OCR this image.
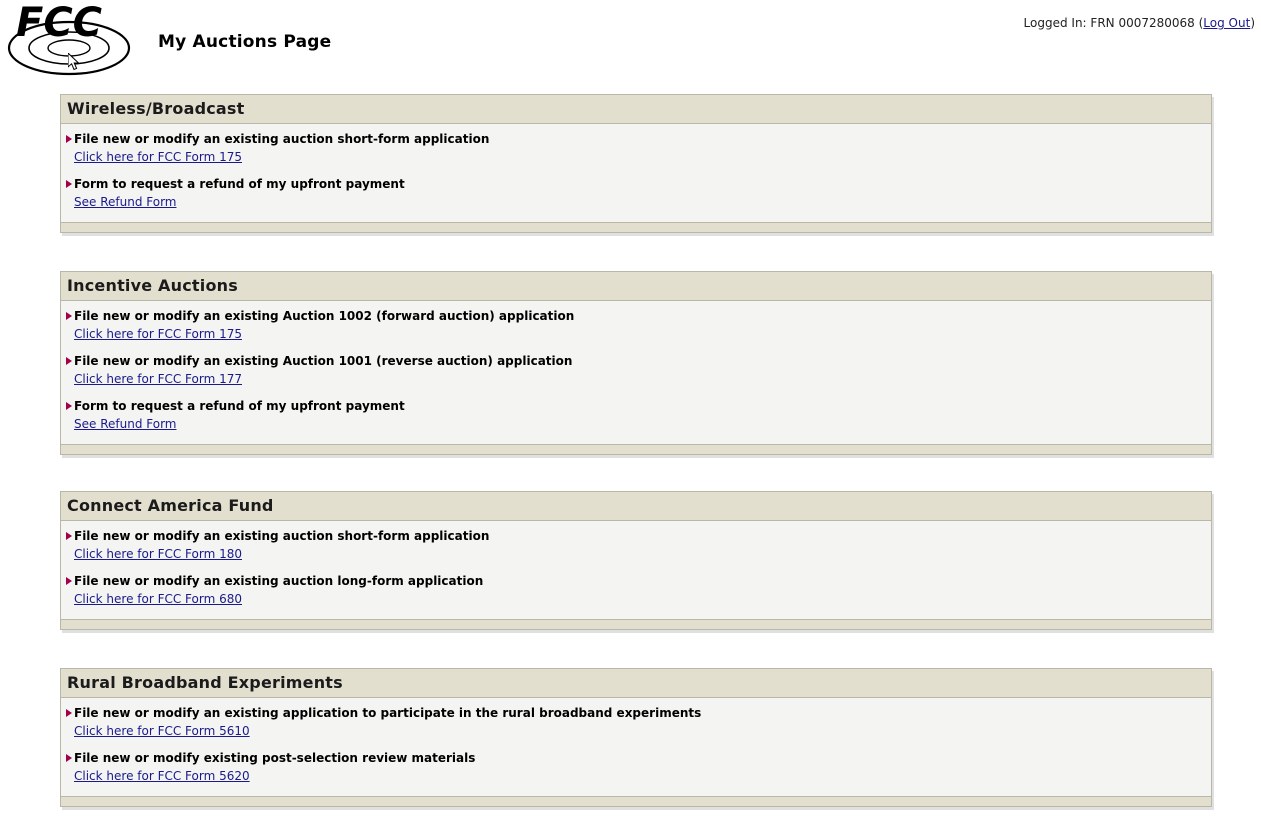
FCC	My Auctions Page
Logged In: FRN 0007280068 (Log Out)
Wireless/Broadcast
File new or modify an existing auction short-form application
Click here for FCC Form 175
Form to request a refund of my upfront payment
See Refund Form
Incentive Auctions
File new or modify an existing Auction 1002 (forward auction) application
Click here for FCC Form 175
File new or modify an existing Auction 1001 (reverse auction) application
Click here for FCC Form 177
Form to request a refund of my upfront payment
See Refund Form
Connect America Fund
File new or modify an existing auction short-form application
Click here for FCC Form 180
File new or modify an existing auction long-form application
Click here for FCC Form 680
Rural Broadband Experiments
File new or modify an existing application to participate in the rural broadband experiments
Click here for FCC Form 5610
File new or modify existing post-selection review materials
Click here for FCC Form 5620
